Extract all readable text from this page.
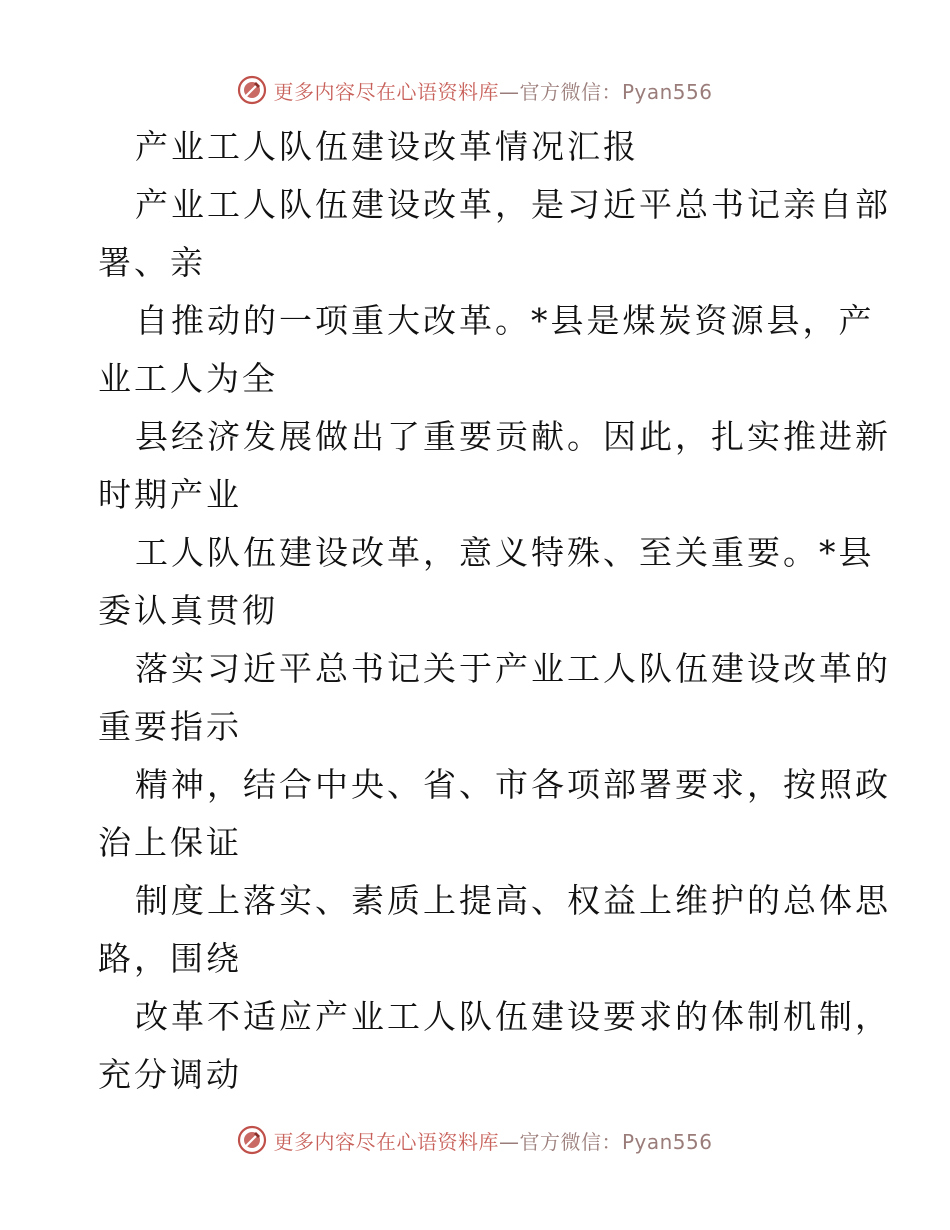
更多内容尽在心语资料库—官方微信：Pyan556
产业工人队伍建设改革情况汇报
产业工人队伍建设改革，是习近平总书记亲自部
署、亲
自推动的一项重大改革。*县是煤炭资源县，产
业工人为全
县经济发展做出了重要贡献。因此，扎实推进新
时期产业
工人队伍建设改革，意义特殊、至关重要。*县
委认真贯彻
落实习近平总书记关于产业工人队伍建设改革的
重要指示
精神，结合中央、省、市各项部署要求，按照政
治上保证
制度上落实、素质上提高、权益上维护的总体思
路，围绕
改革不适应产业工人队伍建设要求的体制机制，
充分调动
更多内容尽在心语资料库—官方微信：Pyan556
